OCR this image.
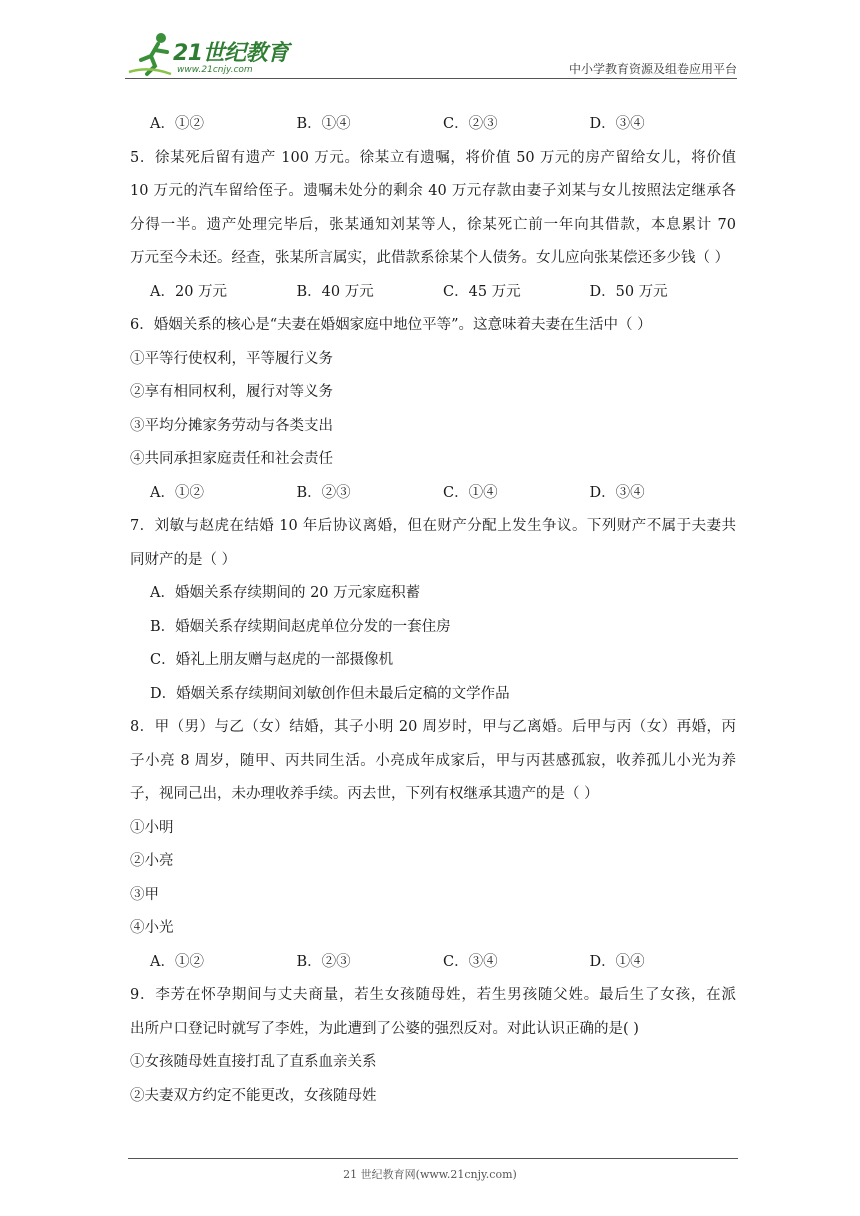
21世纪教育
www.21cnjy.com	中小学教育资源及组卷应用平台
A．①②	B．①④	C．②③	D．③④
5．徐某死后留有遗产 100 万元。徐某立有遗嘱，将价值 50 万元的房产留给女儿，将价值
10 万元的汽车留给侄子。遗嘱未处分的剩余 40 万元存款由妻子刘某与女儿按照法定继承各
分得一半。遗产处理完毕后，张某通知刘某等人，徐某死亡前一年向其借款，本息累计 70
万元至今未还。经查，张某所言属实，此借款系徐某个人债务。女儿应向张某偿还多少钱（ ）
A．20 万元	B．40 万元	C．45 万元	D．50 万元
6．婚姻关系的核心是“夫妻在婚姻家庭中地位平等”。这意味着夫妻在生活中（ ）
①平等行使权利，平等履行义务
②享有相同权利，履行对等义务
③平均分摊家务劳动与各类支出
④共同承担家庭责任和社会责任
A．①②	B．②③	C．①④	D．③④
7．刘敏与赵虎在结婚 10 年后协议离婚，但在财产分配上发生争议。下列财产不属于夫妻共
同财产的是（ ）
A．婚姻关系存续期间的 20 万元家庭积蓄
B．婚姻关系存续期间赵虎单位分发的一套住房
C．婚礼上朋友赠与赵虎的一部摄像机
D．婚姻关系存续期间刘敏创作但未最后定稿的文学作品
8．甲（男）与乙（女）结婚，其子小明 20 周岁时，甲与乙离婚。后甲与丙（女）再婚，丙
子小亮 8 周岁，随甲、丙共同生活。小亮成年成家后，甲与丙甚感孤寂，收养孤儿小光为养
子，视同己出，未办理收养手续。丙去世，下列有权继承其遗产的是（ ）
①小明
②小亮
③甲
④小光
A．①②	B．②③	C．③④	D．①④
9．李芳在怀孕期间与丈夫商量，若生女孩随母姓，若生男孩随父姓。最后生了女孩，在派
出所户口登记时就写了李姓，为此遭到了公婆的强烈反对。对此认识正确的是( )
①女孩随母姓直接打乱了直系血亲关系
②夫妻双方约定不能更改，女孩随母姓
21 世纪教育网(www.21cnjy.com)
